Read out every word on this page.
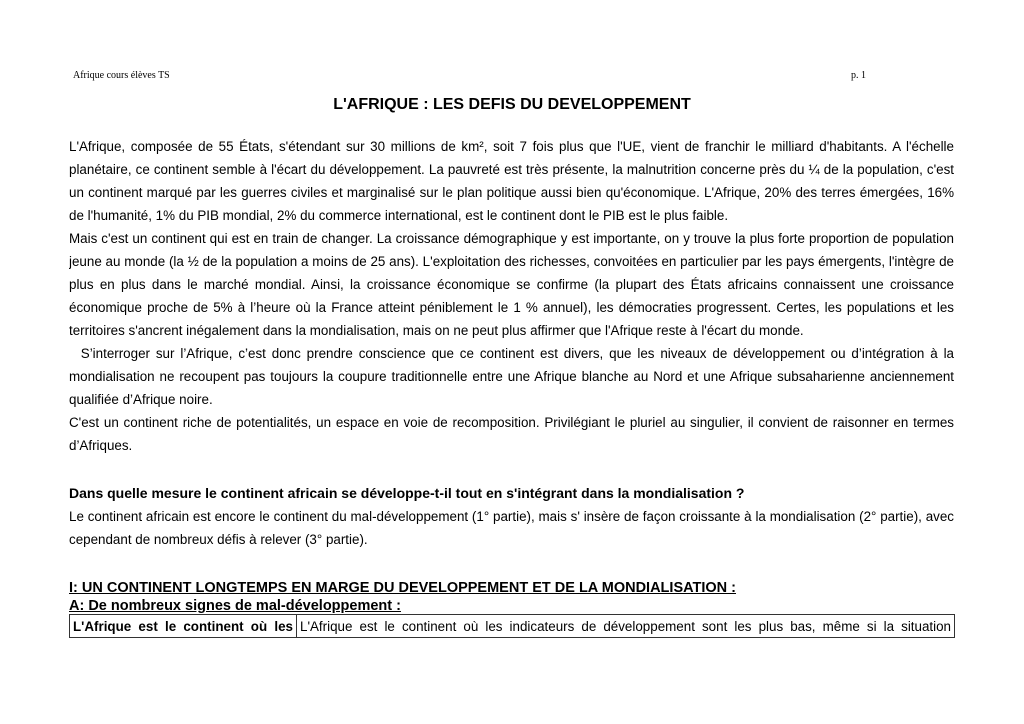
Afrique cours élèves TS	p. 1
L'AFRIQUE : LES DEFIS DU DEVELOPPEMENT
L'Afrique, composée de 55 États, s'étendant sur 30 millions de km², soit 7 fois plus que l'UE, vient de franchir le milliard d'habitants. A l'échelle
planétaire, ce continent semble à l'écart du développement. La pauvreté est très présente, la malnutrition concerne près du ¼ de la population, c'est
un continent marqué par les guerres civiles et marginalisé sur le plan politique aussi bien qu'économique. L'Afrique, 20% des terres émergées, 16%
de l'humanité, 1% du PIB mondial, 2% du commerce international, est le continent dont le PIB est le plus faible.
Mais c'est un continent qui est en train de changer. La croissance démographique y est importante, on y trouve la plus forte proportion de population
jeune au monde (la ½ de la population a moins de 25 ans). L'exploitation des richesses, convoitées en particulier par les pays émergents, l'intègre de
plus en plus dans le marché mondial. Ainsi, la croissance économique se confirme (la plupart des États africains connaissent une croissance
économique proche de 5% à l’heure où la France atteint péniblement le 1 % annuel), les démocraties progressent. Certes, les populations et les
territoires s'ancrent inégalement dans la mondialisation, mais on ne peut plus affirmer que l'Afrique reste à l'écart du monde.
S’interroger sur l’Afrique, c’est donc prendre conscience que ce continent est divers, que les niveaux de développement ou d’intégration à la
mondialisation ne recoupent pas toujours la coupure traditionnelle entre une Afrique blanche au Nord et une Afrique subsaharienne anciennement
qualifiée d’Afrique noire.
C'est un continent riche de potentialités, un espace en voie de recomposition. Privilégiant le pluriel au singulier, il convient de raisonner en termes
d’Afriques.
Dans quelle mesure le continent africain se développe-t-il tout en s'intégrant dans la mondialisation ?
Le continent africain est encore le continent du mal-développement (1° partie), mais s' insère de façon croissante à la mondialisation (2° partie), avec
cependant de nombreux défis à relever (3° partie).
I: UN CONTINENT LONGTEMPS EN MARGE DU DEVELOPPEMENT ET DE LA MONDIALISATION :
A: De nombreux signes de mal-développement :
L'Afrique est le continent où les	L'Afrique est le continent où les indicateurs de développement sont les plus bas, même si la situation
